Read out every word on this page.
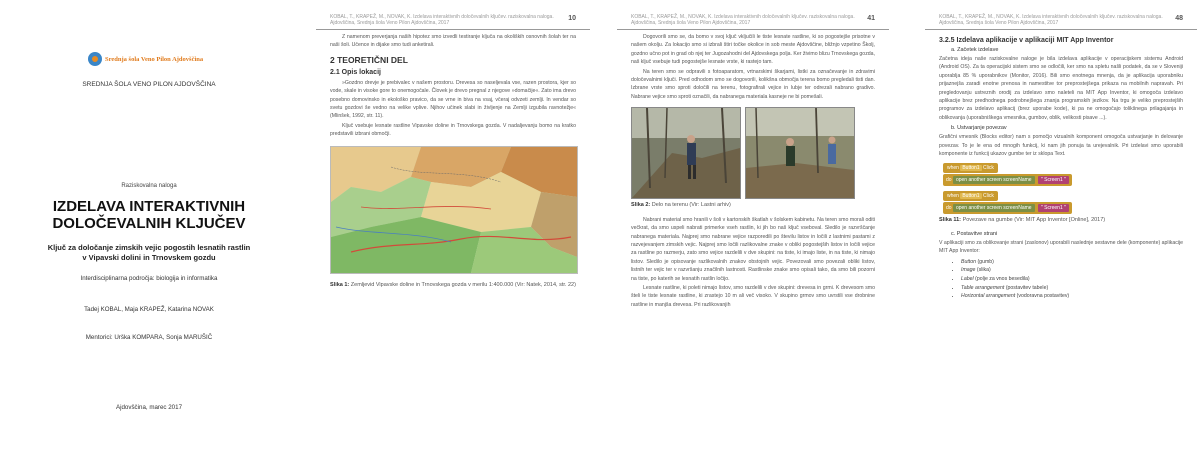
Srednja šola Veno Pilon Ajdovščina
SREDNJA ŠOLA VENO PILON AJDOVŠČINA
Raziskovalna naloga
IZDELAVA INTERAKTIVNIH
DOLOČEVALNIH KLJUČEV
Ključ za določanje zimskih vejic pogostih lesnatih rastlin
v Vipavski dolini in Trnovskem gozdu
Interdisciplinarna področja: biologija in informatika
Tadej KOBAL, Maja KRAPEŽ, Katarina NOVAK
Mentorici: Urška KOMPARA, Sonja MARUŠIČ
Ajdovščina, marec 2017
KOBAL, T., KRAPEŽ, M., NOVAK, K. Izdelava interaktivnih določevalnih ključev. raziskovalna naloga.
Ajdovščina, Srednja šola Veno Pilon Ajdovščina, 2017
10

Z namenom preverjanja naših hipotez smo izvedli testiranje ključa na okoliških osnovnih šolah ter na naši šoli. Učence in dijake smo tudi anketirali.

2 TEORETIČNI DEL
2.1 Opis lokacij

»Gozdno drevje je prebivalec v našem prostoru. Drevesa so naseljevala vse, razen prostora, kjer so vode, skale in visoke gore to onemogočale. Človek je drevo pregnal z njegove »domačije«. Zato ima drevo posebno domovinsko in ekološko pravico, da se vrne in biva na vsaj, včeraj odvzeti zemlji. In vendar so svetu gozdovi še vedno na velike vplive. Njihov učinek slabi in življenje na Zemlji izgubila ravnotežje« (Mlinšek, 1992, str. 11).

Ključ vsebuje lesnate rastline Vipavske doline in Trnovskega gozda. V nadaljevanju bomo na kratko predstavili izbrani območji.

Slika 1: Zemljevid Vipavske doline in Trnovskega gozda v merilu 1:400.000 (Vir: Natek, 2014, str. 22)
KOBAL, T., KRAPEŽ, M., NOVAK, K. Izdelava interaktivnih določevalnih ključev. raziskovalna naloga.
Ajdovščina, Srednja šola Veno Pilon Ajdovščina, 2017
41

Dogovorili smo se, da bomo v svoj ključ vključili le tiste lesnate rastline, ki so pogostejše prisotne v našem okolju. Za lokacijo smo si izbrali štiri točke okolice in sob meste Ajdovščine, bližnjo vzpetino Školj, gozdno učno pot in grad ob njej ter Jugozahodni del Ajdovskega polja. Ker živimo blizu Trnovskega gozda, naš ključ vsebuje tudi pogostejše lesnate vrste, ki rastejo tam.

Na teren smo se odpravili s fotoaparatom, vrtnarskimi škarjami, listki za označevanje in zdravimi določevalnimi ključi. Pred odhodom smo se dogovorili, kolikšna območja terena bomo pregledali tisti dan. Izbrane vrste smo sproti določili na terenu, fotografirali vejice in lubje ter odrezali nabrano gradivo. Nabrane vejice smo sproti označili, da nabranega materiala kasneje ne bi pomešali.

Slika 2: Delo na terenu (Vir: Lastni arhiv)

Nabrani material smo hranili v šoli v kartonskih škatlah v šolskem kabinetu. Na teren smo morali oditi večkrat, da smo uspeli nabrati primerke vseh rastlin, ki jih bo naš ključ vseboval. Sledilo je razvrščanje nabranega materiala. Najprej smo nabrane vejice razporedili po številu listov in ločili z lastnimi pastami z razvejevanjem zimskih vejic. Najprej smo ločili razlikovalne znake v obliki pogostejših listov in ločili vejice za rastline po razmerju, zato smo vejice razdelili v dve skupini: na tiste, ki imajo liste, in na tiste, ki nimajo listov. Sledilo je opisovanje razlikovalnih znakov obstojnih vejic. Povezovali smo povezali obliki listov, listnih ter vejic ter v razvršanju značilnih lastnosti. Rastlinske znake smo opisali tako, da smo bili pozorni na tiste, po katerih se lesnatih rastlin ločijo.

Lesnate rastline, ki poleti nimajo listov, smo razdelili v dve skupini: drevesa in grmi. K drevesom smo šteli le tiste lesnate rastline, ki zrastejo 10 m ali več visoko. V skupino grmov smo uvrstili vse drobnine rastline in manjša drevesa. Pri razlikovanjih

KOBAL, T., KRAPEŽ, M., NOVAK, K. Izdelava interaktivnih določevalnih ključev. raziskovalna naloga.
Ajdovščina, Srednja šola Veno Pilon Ajdovščina, 2017
48
3.2.5 Izdelava aplikacije v aplikaciji MIT App Inventor
a. Začetek izdelave

Začetna ideja naše raziskovalne naloge je bila izdelava aplikacije v operacijskem sistemu Android (Android OS). Za ta operacijski sistem smo se odločili, ker smo na spletu našli podatek, da se v Sloveniji uporablja 85 % uporabnikov (Monitor, 2016). Bili smo enotnega mnenja, da je aplikacija uporabniku prijaznejša zaradi enotne prenosa in namestitve tor preprostejšega prikaza na mobilnih napravah. Pri pregledovanju ustreznih orodij za izdelavo smo naleteli na MIT App Inventor, ki omogoča izdelavo aplikacije brez predhodnega podrobnejšega znanja programskih jezikov. Na trgu je veliko preprostejših programov za izdelavo aplikacij (brez uporabe kode), ki pa ne omogočajo tolikšnega prilagajanja in oblikovanja (uporabniškega vmesnika, gumbov, oblik, velikosti pisave ...).

b. Ustvarjanje povezav

Grafični vmesnik (Blocks editor) nam s pomočjo vizualnih komponent omogoča ustvarjanje in delovanje povezav. To je le ena od mnogih funkcij, ki nam jih ponuja ta urejevalnik. Pri izdelavi smo uporabili komponente iz funkcij ukazov gumbe ter iz sklopa Text.

when Button1 Click
do open another screen screenName " Screen1 "
when Button1 Click
do open another screen screenName " Screen1 "
Slika 11: Povezave na gumbe (Vir: MIT App Inventor [Online], 2017)
c. Postavitve strani

V aplikaciji smo za oblikovanje strani (zaslonov) uporabili naslednje sestavne dele (komponente) aplikacije MIT App Inventor:

• Button (gumb)
• Image (slika)
• Label (polje za vnos besedila)
• Table arrangement (postavitev tabele)
• Horizontal arrangement (vodoravna postavitev)
